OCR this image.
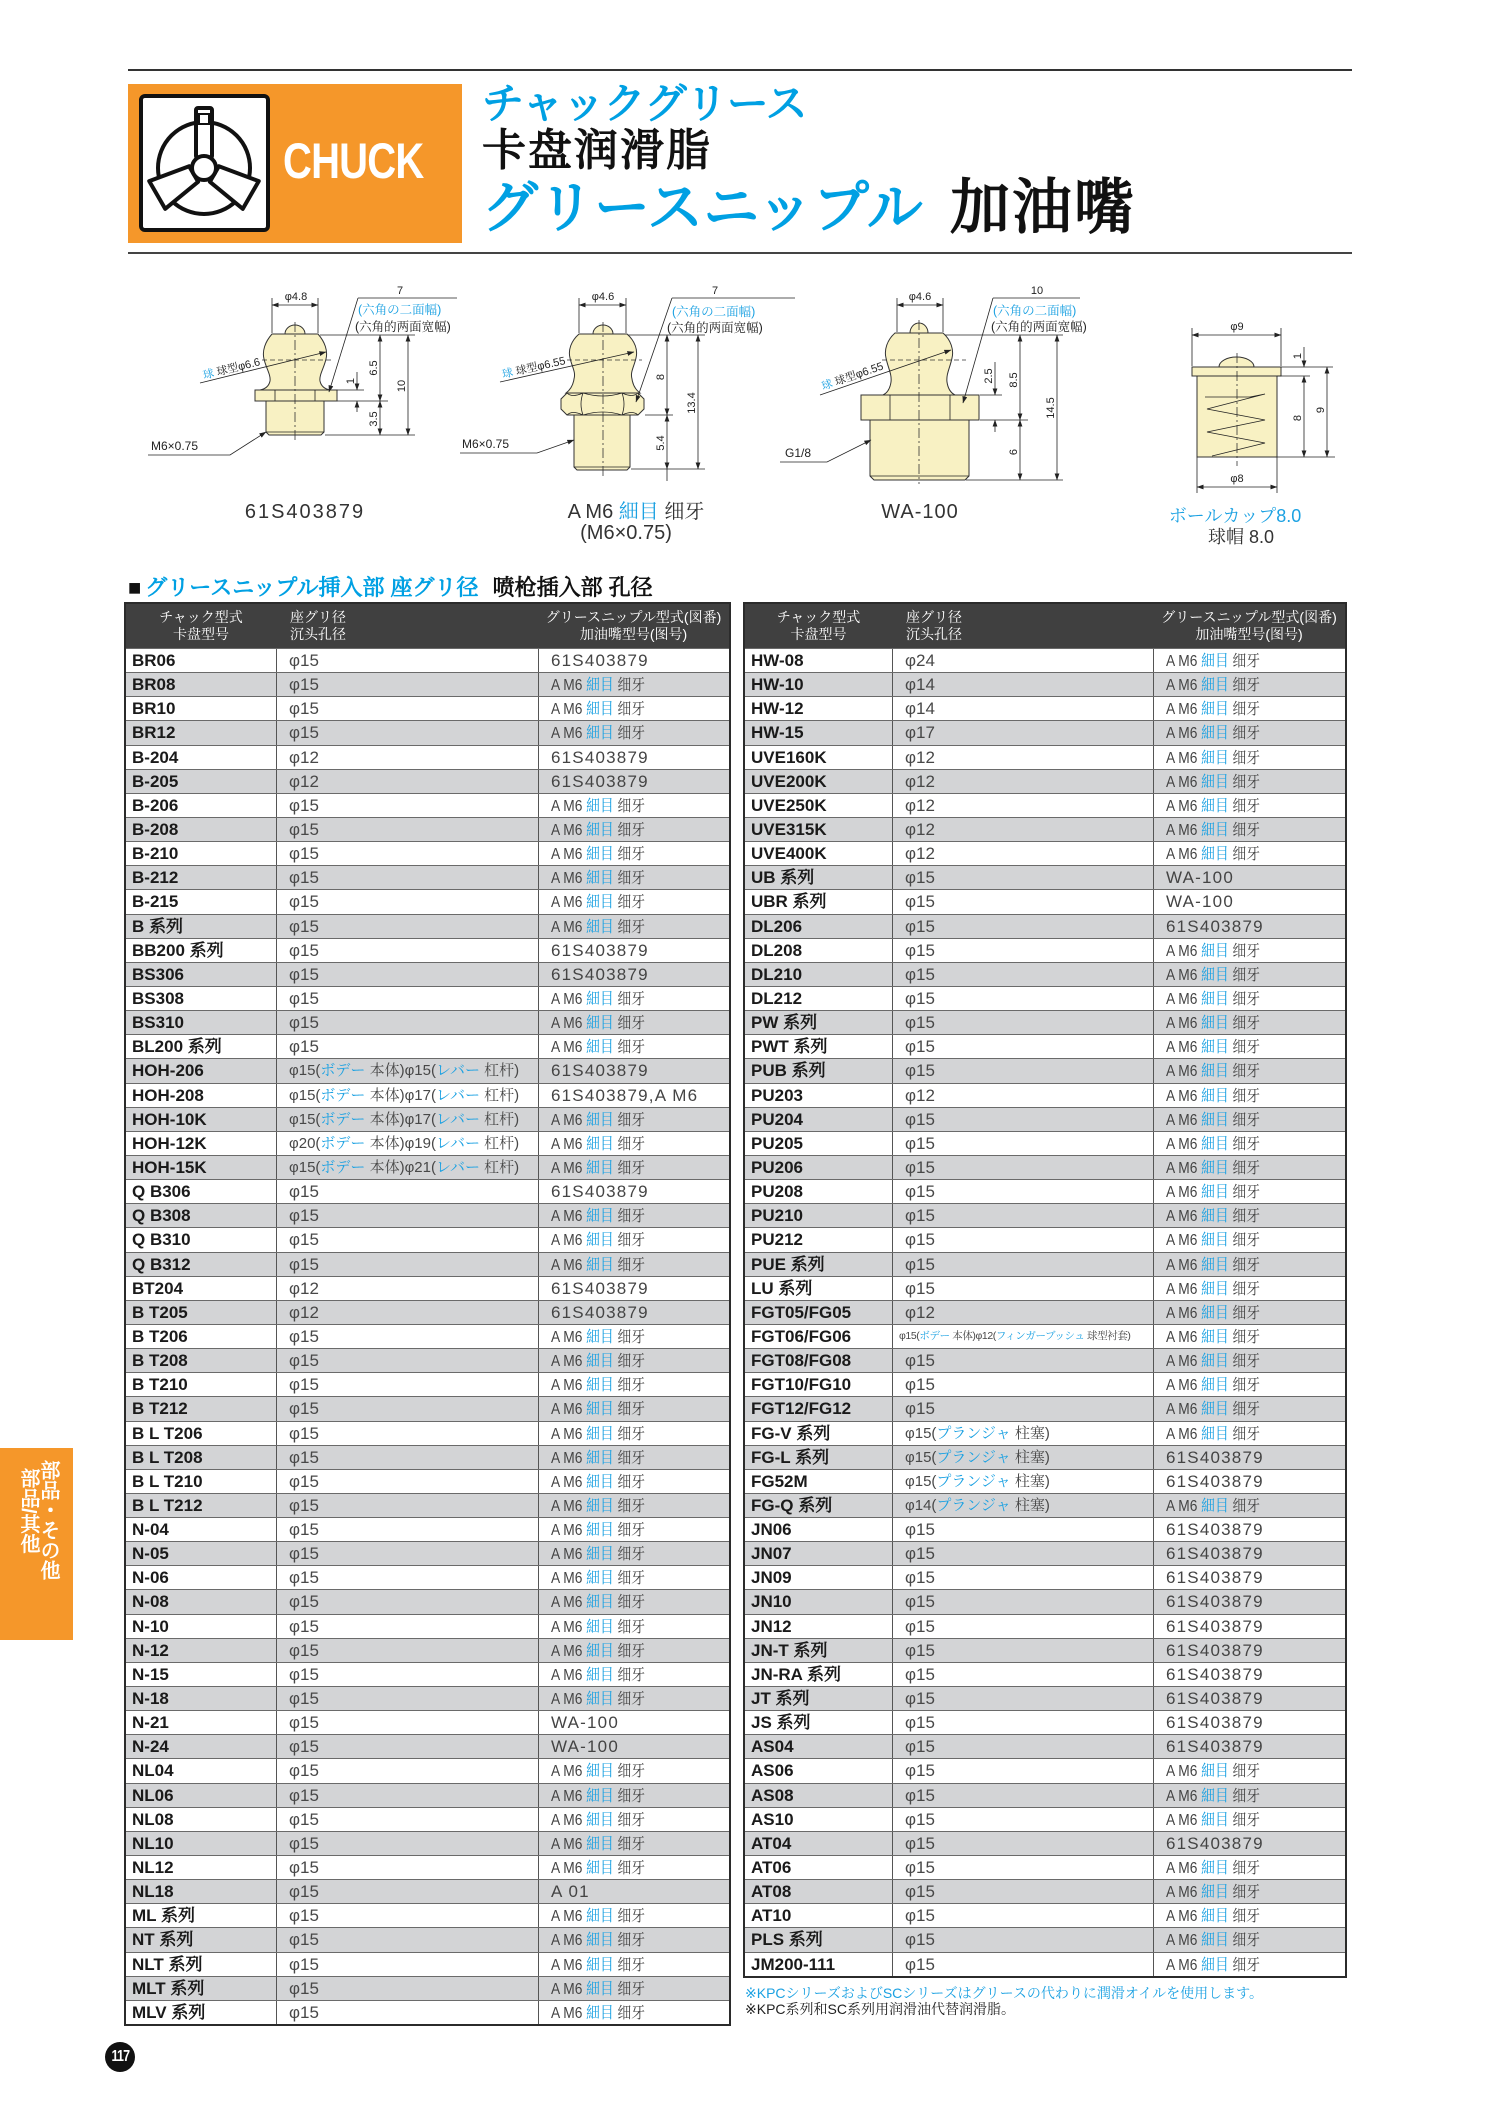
CHUCK
チャックグリース
卡盘润滑脂
グリースニップル 加油嘴
φ4.8
球球型φ6.6
7
(六角の二面幅)
(六角的两面宽幅)
1
6.5
3.5
10
M6×0.75
φ4.6
球球型φ6.55
7
(六角の二面幅)
(六角的两面宽幅)
8
5.4
13.4
M6×0.75
φ4.6
球球型φ6.55
10
(六角の二面幅)
(六角的两面宽幅)
2.5 8.5
6
14.5
G1/8
φ9
1
8
9
φ8
61S403879	A M6 細目 细牙
(M6×0.75)
WA-100	ボールカップ8.0
球帽 8.0
■ グリースニップル挿入部 座グリ径 喷枪插入部 孔径
チャック型式
卡盘型号
座グリ径
沉头孔径
グリースニップル型式(図番)
加油嘴型号(图号)
BR06	φ15	61S403879
BR08	φ15	A M6 細目 细牙
BR10	φ15	A M6 細目 细牙
BR12	φ15	A M6 細目 细牙
B-204	φ12	61S403879
B-205	φ12	61S403879
B-206	φ15	A M6 細目 细牙
B-208	φ15	A M6 細目 细牙
B-210	φ15	A M6 細目 细牙
B-212	φ15	A M6 細目 细牙
B-215	φ15	A M6 細目 细牙
B 系列	φ15	A M6 細目 细牙
BB200 系列	φ15	61S403879
BS306	φ15	61S403879
BS308	φ15	A M6 細目 细牙
BS310	φ15	A M6 細目 细牙
BL200 系列	φ15	A M6 細目 细牙
HOH-206	φ15(ボデー 本体)φ15(レバー 杠杆)	61S403879
HOH-208	φ15(ボデー 本体)φ17(レバー 杠杆)	61S403879,A M6
HOH-10K	φ15(ボデー 本体)φ17(レバー 杠杆)	A M6 細目 细牙
HOH-12K	φ20(ボデー 本体)φ19(レバー 杠杆)	A M6 細目 细牙
HOH-15K	φ15(ボデー 本体)φ21(レバー 杠杆)	A M6 細目 细牙
Q B306	φ15	61S403879
Q B308	φ15	A M6 細目 细牙
Q B310	φ15	A M6 細目 细牙
Q B312	φ15	A M6 細目 细牙
BT204	φ12	61S403879
B T205	φ12	61S403879
B T206	φ15	A M6 細目 细牙
B T208	φ15	A M6 細目 细牙
B T210	φ15	A M6 細目 细牙
B T212	φ15	A M6 細目 细牙
B L T206	φ15	A M6 細目 细牙
B L T208	φ15	A M6 細目 细牙
B L T210	φ15	A M6 細目 细牙
B L T212	φ15	A M6 細目 细牙
N-04	φ15	A M6 細目 细牙
N-05	φ15	A M6 細目 细牙
N-06	φ15	A M6 細目 细牙
N-08	φ15	A M6 細目 细牙
N-10	φ15	A M6 細目 细牙
N-12	φ15	A M6 細目 细牙
N-15	φ15	A M6 細目 细牙
N-18	φ15	A M6 細目 细牙
N-21	φ15	WA-100
N-24	φ15	WA-100
NL04	φ15	A M6 細目 细牙
NL06	φ15	A M6 細目 细牙
NL08	φ15	A M6 細目 细牙
NL10	φ15	A M6 細目 细牙
NL12	φ15	A M6 細目 细牙
NL18	φ15	A 01
ML 系列	φ15	A M6 細目 细牙
NT 系列	φ15	A M6 細目 细牙
NLT 系列	φ15	A M6 細目 细牙
MLT 系列	φ15	A M6 細目 细牙
MLV 系列	φ15	A M6 細目 细牙
チャック型式
卡盘型号
座グリ径
沉头孔径
グリースニップル型式(図番)
加油嘴型号(图号)
HW-08	φ24	A M6 細目 细牙
HW-10	φ14	A M6 細目 细牙
HW-12	φ14	A M6 細目 细牙
HW-15	φ17	A M6 細目 细牙
UVE160K	φ12	A M6 細目 细牙
UVE200K	φ12	A M6 細目 细牙
UVE250K	φ12	A M6 細目 细牙
UVE315K	φ12	A M6 細目 细牙
UVE400K	φ12	A M6 細目 细牙
UB 系列	φ15	WA-100
UBR 系列	φ15	WA-100
DL206	φ15	61S403879
DL208	φ15	A M6 細目 细牙
DL210	φ15	A M6 細目 细牙
DL212	φ15	A M6 細目 细牙
PW 系列	φ15	A M6 細目 细牙
PWT 系列	φ15	A M6 細目 细牙
PUB 系列	φ15	A M6 細目 细牙
PU203	φ12	A M6 細目 细牙
PU204	φ15	A M6 細目 细牙
PU205	φ15	A M6 細目 细牙
PU206	φ15	A M6 細目 细牙
PU208	φ15	A M6 細目 细牙
PU210	φ15	A M6 細目 细牙
PU212	φ15	A M6 細目 细牙
PUE 系列	φ15	A M6 細目 细牙
LU 系列	φ15	A M6 細目 细牙
FGT05/FG05	φ12	A M6 細目 细牙
FGT06/FG06	φ15(ボデー 本体)φ12(フィンガーブッシュ 球型衬套)	A M6 細目 细牙
FGT08/FG08	φ15	A M6 細目 细牙
FGT10/FG10	φ15	A M6 細目 细牙
FGT12/FG12	φ15	A M6 細目 细牙
FG-V 系列	φ15(プランジャ 柱塞)	A M6 細目 细牙
FG-L 系列	φ15(プランジャ 柱塞)	61S403879
FG52M	φ15(プランジャ 柱塞)	61S403879
FG-Q 系列	φ14(プランジャ 柱塞)	A M6 細目 细牙
JN06	φ15	61S403879
JN07	φ15	61S403879
JN09	φ15	61S403879
JN10	φ15	61S403879
JN12	φ15	61S403879
JN-T 系列	φ15	61S403879
JN-RA 系列	φ15	61S403879
JT 系列	φ15	61S403879
JS 系列	φ15	61S403879
AS04	φ15	61S403879
AS06	φ15	A M6 細目 细牙
AS08	φ15	A M6 細目 细牙
AS10	φ15	A M6 細目 细牙
AT04	φ15	61S403879
AT06	φ15	A M6 細目 细牙
AT08	φ15	A M6 細目 细牙
AT10	φ15	A M6 細目 细牙
PLS 系列	φ15	A M6 細目 细牙
JM200-111	φ15	A M6 細目 细牙
※KPCシリーズおよびSCシリーズはグリースの代わりに潤滑オイルを使用します。
※KPC系列和SC系列用润滑油代替润滑脂。
部品・その他
部品/其他
117
